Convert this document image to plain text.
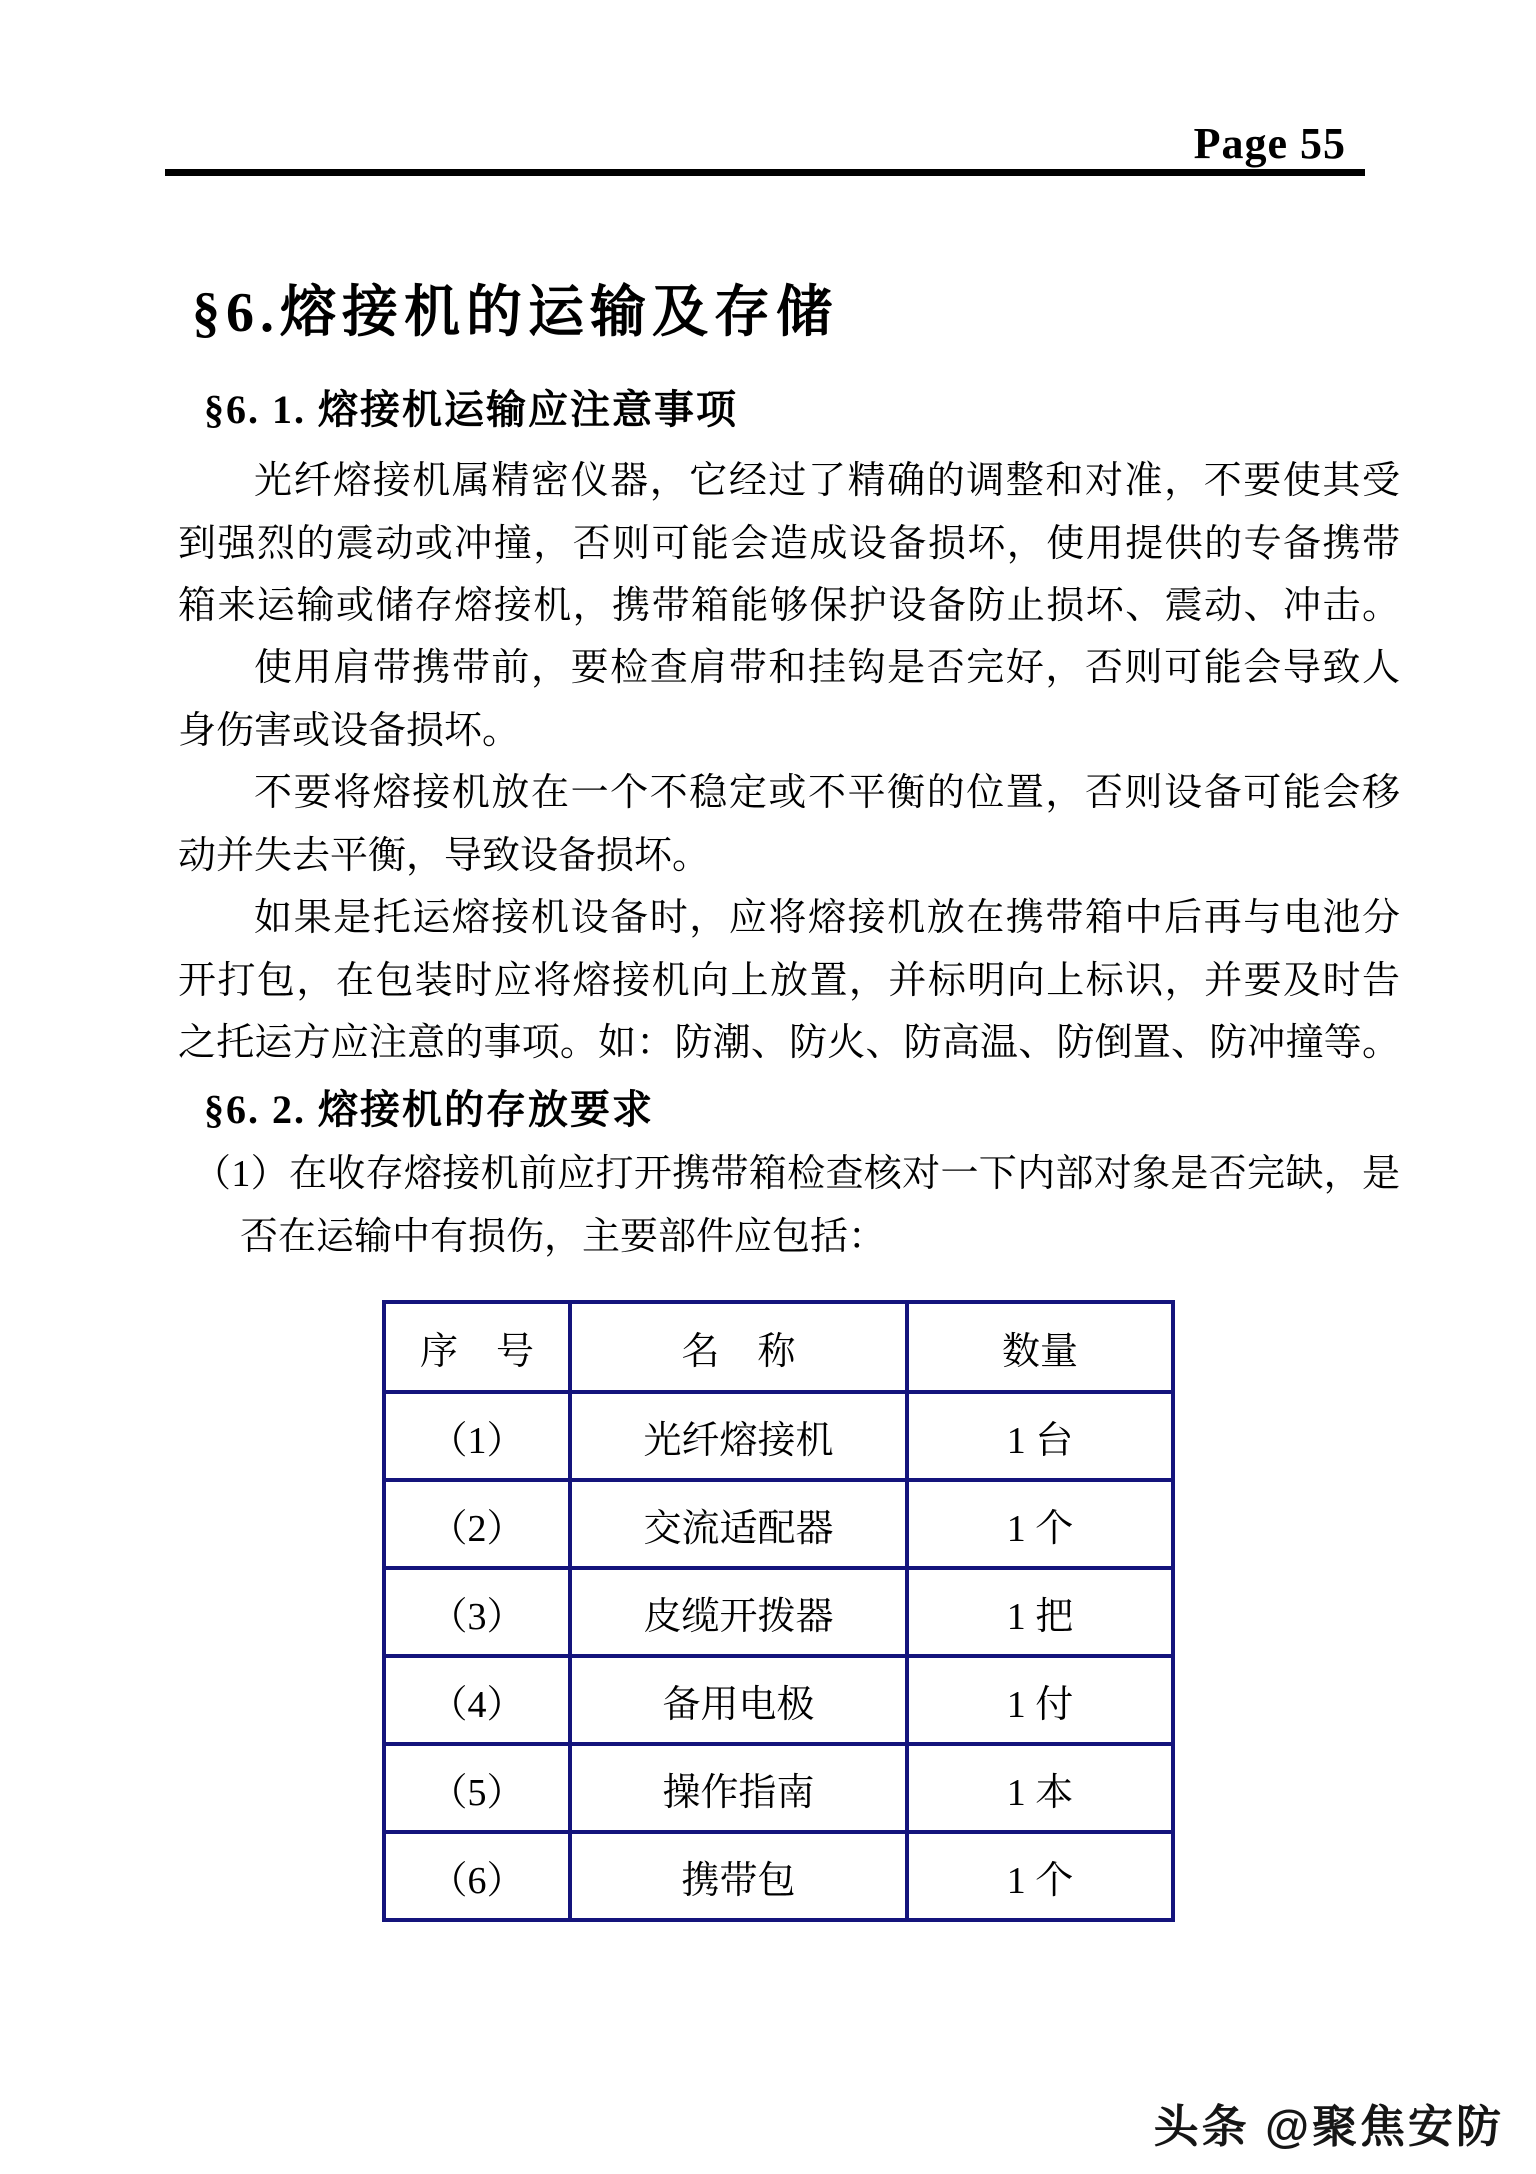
Page 55
§6.熔接机的运输及存储
§6. 1. 熔接机运输应注意事项
光纤熔接机属精密仪器，它经过了精确的调整和对准，不要使其受
到强烈的震动或冲撞，否则可能会造成设备损坏，使用提供的专备携带
箱来运输或储存熔接机，携带箱能够保护设备防止损坏、震动、冲击。
使用肩带携带前，要检查肩带和挂钩是否完好，否则可能会导致人
身伤害或设备损坏。
不要将熔接机放在一个不稳定或不平衡的位置，否则设备可能会移
动并失去平衡，导致设备损坏。
如果是托运熔接机设备时，应将熔接机放在携带箱中后再与电池分
开打包，在包装时应将熔接机向上放置，并标明向上标识，并要及时告
之托运方应注意的事项。如：防潮、防火、防高温、防倒置、防冲撞等。
§6. 2. 熔接机的存放要求
（1）在收存熔接机前应打开携带箱检查核对一下内部对象是否完缺，是
否在运输中有损伤，主要部件应包括：
序　号	名　称	数量
（1）	光纤熔接机	1 台
（2）	交流适配器	1 个
（3）	皮缆开拨器	1 把
（4）	备用电极	1 付
（5）	操作指南	1 本
（6）	携带包	1 个
头条 @聚焦安防
